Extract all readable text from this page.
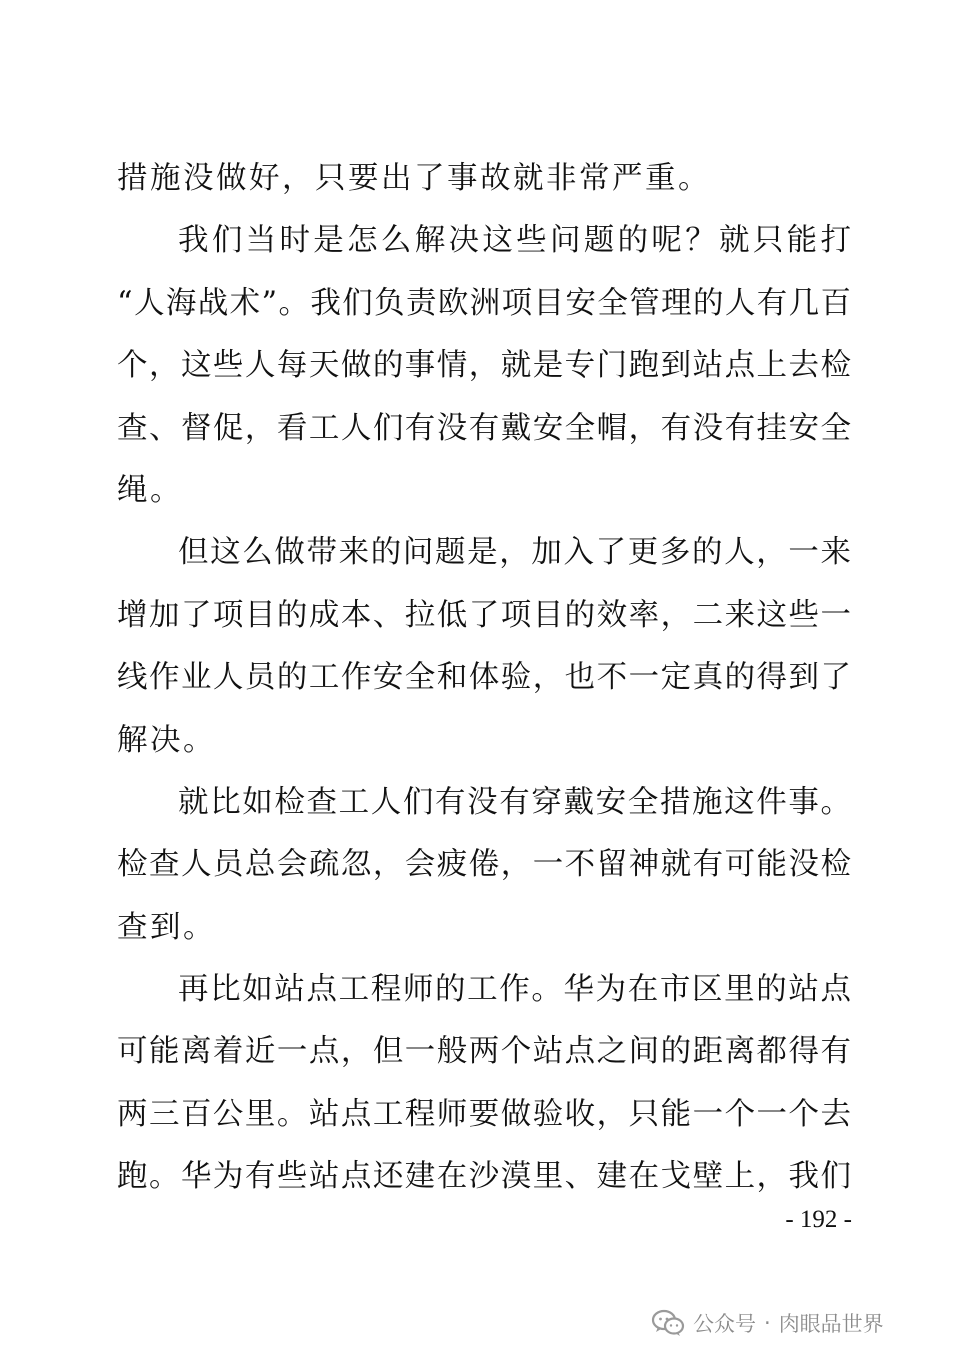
措施没做好，只要出了事故就非常严重。
我们当时是怎么解决这些问题的呢？就只能打
“人海战术”。我们负责欧洲项目安全管理的人有几百
个，这些人每天做的事情，就是专门跑到站点上去检
查、督促，看工人们有没有戴安全帽，有没有挂安全
绳。
但这么做带来的问题是，加入了更多的人，一来
增加了项目的成本、拉低了项目的效率，二来这些一
线作业人员的工作安全和体验，也不一定真的得到了
解决。
就比如检查工人们有没有穿戴安全措施这件事。
检查人员总会疏忽，会疲倦，一不留神就有可能没检
查到。
再比如站点工程师的工作。华为在市区里的站点
可能离着近一点，但一般两个站点之间的距离都得有
两三百公里。站点工程师要做验收，只能一个一个去
跑。华为有些站点还建在沙漠里、建在戈壁上，我们
- 192 -
公众号 · 肉眼品世界
